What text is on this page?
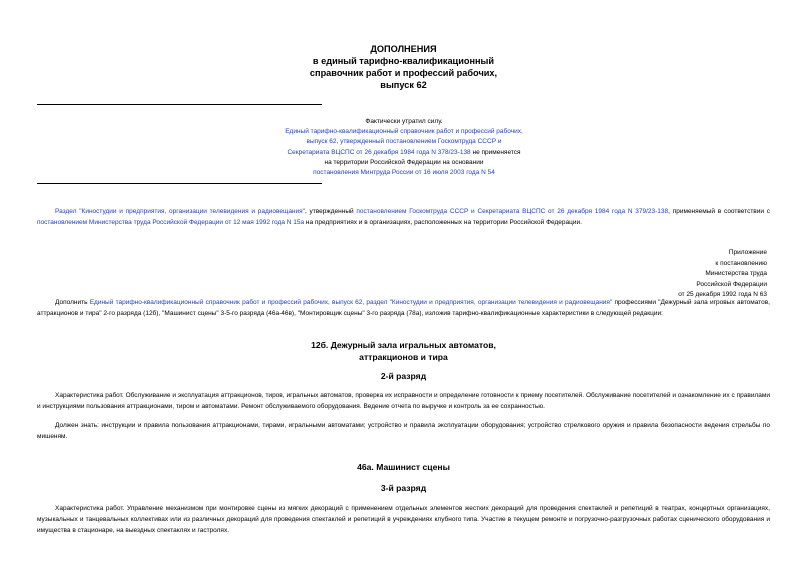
ДОПОЛНЕНИЯ
в единый тарифно-квалификационный
справочник работ и профессий рабочих,
выпуск 62
Фактически утратил силу.
Единый тарифно-квалификационный справочник работ и профессий рабочих,
выпуск 62, утвержденный постановлением Госкомтруда СССР и
Секретариата ВЦСПС от 26 декабря 1984 года N 378/23-138 не применяется
на территории Российской Федерации на основании
постановления Минтруда России от 16 июля 2003 года N 54

Раздел "Киностудии и предприятия, организации телевидения и радиовещания", утвержденный постановлением Госкомтруда СССР и Секретариата ВЦСПС от 26 декабря 1984 года N 379/23-138, применяемый в соответствии с постановлением Министерства труда Российской Федерации от 12 мая 1992 года N 15а на предприятиях и в организациях, расположенных на территории Российской Федерации.

Приложение
к постановлению
Министерства труда
Российской Федерации
от 25 декабря 1992 года N 63

Дополнить Единый тарифно-квалификационный справочник работ и профессий рабочих, выпуск 62, раздел "Киностудии и предприятия, организации телевидения и радиовещания" профессиями "Дежурный зала игровых автоматов, аттракционов и тира" 2-го разряда (12б), "Машинист сцены" 3-5-го разряда (46а-46в), "Монтировщик сцены" 3-го разряда (78а), изложив тарифно-квалификационные характеристики в следующей редакции:

12б. Дежурный зала игральных автоматов,
аттракционов и тира
2-й разряд

Характеристика работ. Обслуживание и эксплуатация аттракционов, тиров, игральных автоматов, проверка их исправности и определение готовности к приему посетителей. Обслуживание посетителей и ознакомление их с правилами и инструкциями пользования аттракционами, тиром и автоматами. Ремонт обслуживаемого оборудования. Ведение отчета по выручке и контроль за ее сохранностью.

Должен знать: инструкции и правила пользования аттракционами, тирами, игральными автоматами; устройство и правила эксплуатации оборудования; устройство стрелкового оружия и правила безопасности ведения стрельбы по мишеням.

46а. Машинист сцены
3-й разряд

Характеристика работ. Управление механизмом при монтировке сцены из мягких декораций с применением отдельных элементов жестких декораций для проведения спектаклей и репетиций в театрах, концертных организациях, музыкальных и танцевальных коллективах или из различных декораций для проведения спектаклей и репетиций в учреждениях клубного типа. Участие в текущем ремонте и погрузочно-разгрузочных работах сценического оборудования и имущества в стационаре, на выездных спектаклях и гастролях.
